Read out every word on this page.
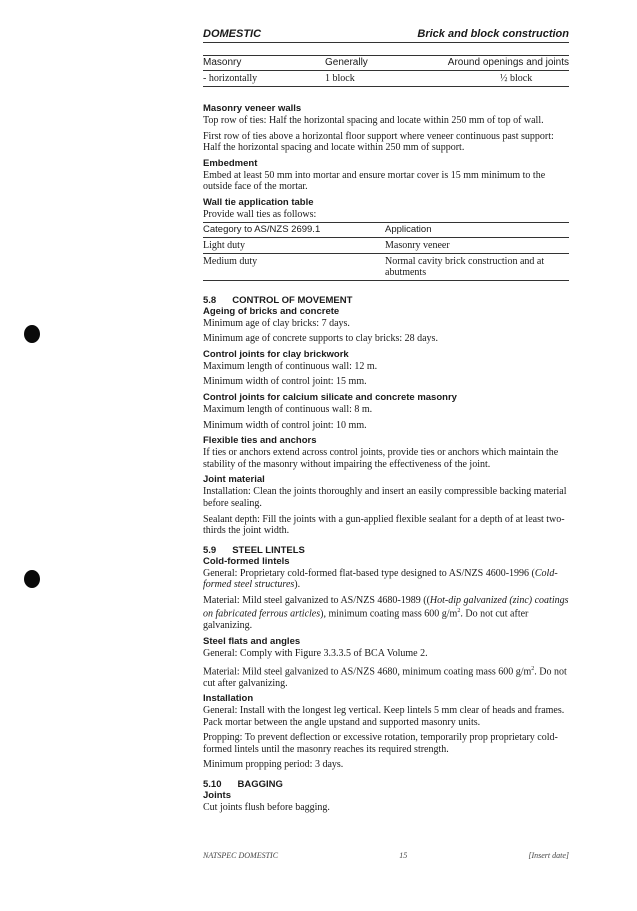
DOMESTIC	Brick and block construction
Masonry	Generally	Around openings and joints
- horizontally	1 block	½ block

Masonry veneer walls

Top row of ties: Half the horizontal spacing and locate within 250 mm of top of wall.

First row of ties above a horizontal floor support where veneer continuous past support: Half the horizontal spacing and locate within 250 mm of support.

Embedment

Embed at least 50 mm into mortar and ensure mortar cover is 15 mm minimum to the outside face of the mortar.

Wall tie application table

Provide wall ties as follows:

Category to AS/NZS 2699.1	Application
Light duty	Masonry veneer
Medium duty	Normal cavity brick construction and at abutments
5.8 CONTROL OF MOVEMENT

Ageing of bricks and concrete

Minimum age of clay bricks: 7 days.

Minimum age of concrete supports to clay bricks: 28 days.

Control joints for clay brickwork

Maximum length of continuous wall: 12 m.

Minimum width of control joint: 15 mm.

Control joints for calcium silicate and concrete masonry

Maximum length of continuous wall: 8 m.

Minimum width of control joint: 10 mm.

Flexible ties and anchors

If ties or anchors extend across control joints, provide ties or anchors which maintain the stability of the masonry without impairing the effectiveness of the joint.

Joint material

Installation: Clean the joints thoroughly and insert an easily compressible backing material before sealing.

Sealant depth: Fill the joints with a gun-applied flexible sealant for a depth of at least two-thirds the joint width.

5.9 STEEL LINTELS

Cold-formed lintels

General: Proprietary cold-formed flat-based type designed to AS/NZS 4600-1996 (Cold-formed steel structures).

Material: Mild steel galvanized to AS/NZS 4680-1989 ((Hot-dip galvanized (zinc) coatings on fabricated ferrous articles), minimum coating mass 600 $g/m^2$. Do not cut after galvanizing.

Steel flats and angles

General: Comply with Figure 3.3.3.5 of BCA Volume 2.

Material: Mild steel galvanized to AS/NZS 4680, minimum coating mass 600 $g/m^2$. Do not cut after galvanizing.

Installation

General: Install with the longest leg vertical. Keep lintels 5 mm clear of heads and frames. Pack mortar between the angle upstand and supported masonry units.

Propping: To prevent deflection or excessive rotation, temporarily prop proprietary cold-formed lintels until the masonry reaches its required strength.

Minimum propping period: 3 days.

5.10 BAGGING

Joints

Cut joints flush before bagging.

NATSPEC DOMESTIC	15	[Insert date]
